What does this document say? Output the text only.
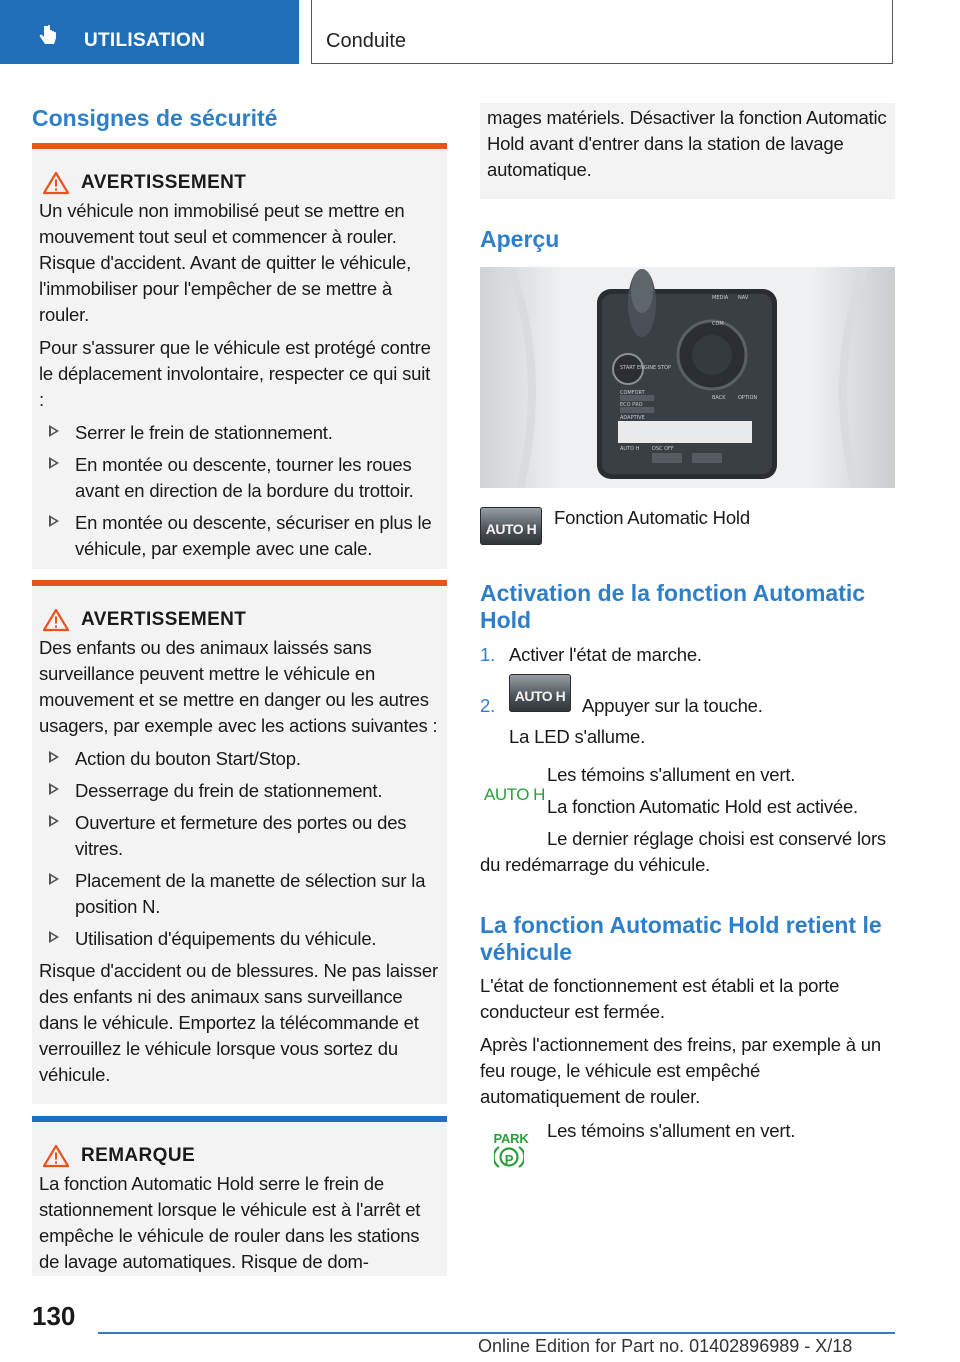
UTILISATION	Conduite
Consignes de sécurité
AVERTISSEMENT

Un véhicule non immobilisé peut se mettre en mouvement tout seul et commencer à rouler. Risque d'accident. Avant de quitter le véhicule, l'immobiliser pour l'empêcher de se mettre à rouler.

Pour s'assurer que le véhicule est protégé contre le déplacement involontaire, respecter ce qui suit :

Serrer le frein de stationnement.
En montée ou descente, tourner les roues avant en direction de la bordure du trottoir.
En montée ou descente, sécuriser en plus le véhicule, par exemple avec une cale.
AVERTISSEMENT

Des enfants ou des animaux laissés sans surveillance peuvent mettre le véhicule en mouvement et se mettre en danger ou les autres usagers, par exemple avec les actions suivantes :

Action du bouton Start/Stop.
Desserrage du frein de stationnement.
Ouverture et fermeture des portes ou des vitres.
Placement de la manette de sélection sur la position N.
Utilisation d'équipements du véhicule.

Risque d'accident ou de blessures. Ne pas laisser des enfants ni des animaux sans surveillance dans le véhicule. Emportez la télécommande et verrouillez le véhicule lorsque vous sortez du véhicule.

REMARQUE

La fonction Automatic Hold serre le frein de stationnement lorsque le véhicule est à l'arrêt et empêche le véhicule de rouler dans les stations de lavage automatiques. Risque de dom-

mages matériels. Désactiver la fonction Automatic Hold avant d'entrer dans la station de lavage automatique.

Aperçu
MEDIA NAV
COM
BACK OPTION
START ENGINE STOP
COMFORT
ECO PRO
ADAPTIVE
AUTO H	DSC OFF
AUTO H
Fonction Automatic Hold
Activation de la fonction Automatic Hold
1. Activer l'état de marche.
2.	AUTO H Appuyer sur la touche.
La LED s'allume.
AUTO H
Les témoins s'allument en vert.
La fonction Automatic Hold est activée.
Le dernier réglage choisi est conservé lors du redémarrage du véhicule.
La fonction Automatic Hold retient le véhicule

L'état de fonctionnement est établi et la porte conducteur est fermée.

Après l'actionnement des freins, par exemple à un feu rouge, le véhicule est empêché automatiquement de rouler.

PARK
P
Les témoins s'allument en vert.
130
Online Edition for Part no. 01402896989 - X/18
